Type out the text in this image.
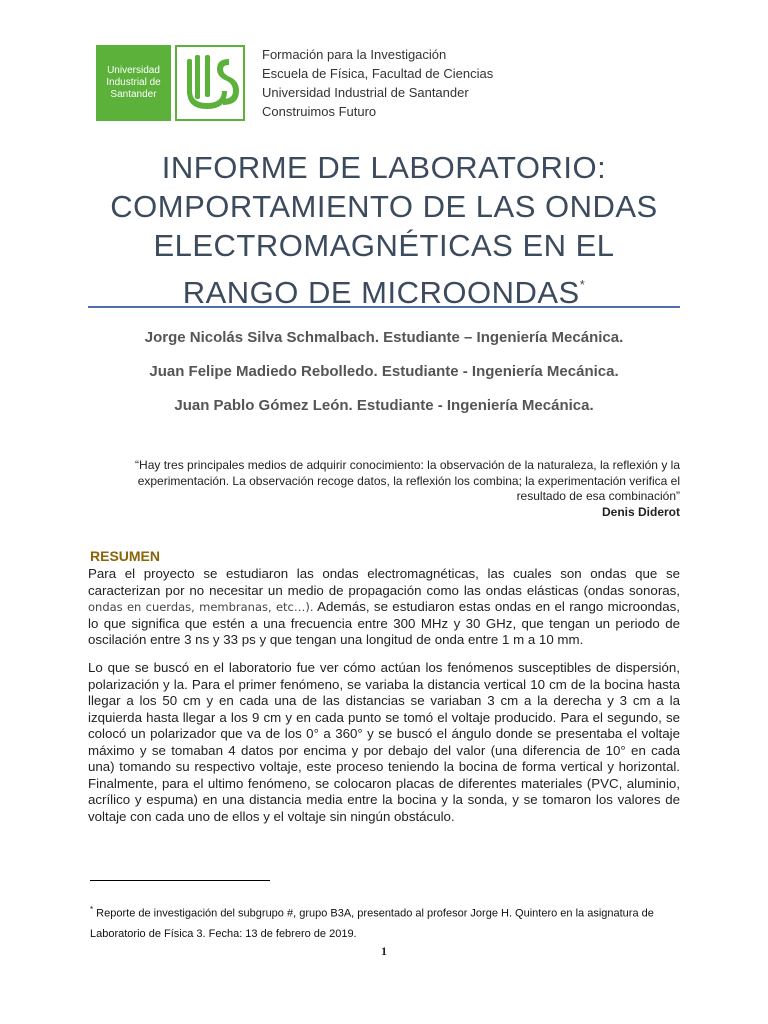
Universidad
Industrial de
Santander
Formación para la Investigación
Escuela de Física, Facultad de Ciencias
Universidad Industrial de Santander
Construimos Futuro
INFORME DE LABORATORIO:
COMPORTAMIENTO DE LAS ONDAS
ELECTROMAGNÉTICAS EN EL
RANGO DE MICROONDAS*
Jorge Nicolás Silva Schmalbach. Estudiante – Ingeniería Mecánica.
Juan Felipe Madiedo Rebolledo. Estudiante - Ingeniería Mecánica.
Juan Pablo Gómez León. Estudiante - Ingeniería Mecánica.
“Hay tres principales medios de adquirir conocimiento: la observación de la naturaleza, la reflexión y la experimentación. La observación recoge datos, la reflexión los combina; la experimentación verifica el resultado de esa combinación”
Denis Diderot
RESUMEN
Para el proyecto se estudiaron las ondas electromagnéticas, las cuales son ondas que se caracterizan por no necesitar un medio de propagación como las ondas elásticas (ondas sonoras, ondas en cuerdas, membranas, etc…). Además, se estudiaron estas ondas en el rango microondas, lo que significa que estén a una frecuencia entre 300 MHz y 30 GHz, que tengan un periodo de oscilación entre 3 ns y 33 ps y que tengan una longitud de onda entre 1 m a 10 mm.
Lo que se buscó en el laboratorio fue ver cómo actúan los fenómenos susceptibles de dispersión, polarización y la. Para el primer fenómeno, se variaba la distancia vertical 10 cm de la bocina hasta llegar a los 50 cm y en cada una de las distancias se variaban 3 cm a la derecha y 3 cm a la izquierda hasta llegar a los 9 cm y en cada punto se tomó el voltaje producido. Para el segundo, se colocó un polarizador que va de los 0° a 360° y se buscó el ángulo donde se presentaba el voltaje máximo y se tomaban 4 datos por encima y por debajo del valor (una diferencia de 10° en cada una) tomando su respectivo voltaje, este proceso teniendo la bocina de forma vertical y horizontal. Finalmente, para el ultimo fenómeno, se colocaron placas de diferentes materiales (PVC, aluminio, acrílico y espuma) en una distancia media entre la bocina y la sonda, y se tomaron los valores de voltaje con cada uno de ellos y el voltaje sin ningún obstáculo.
* Reporte de investigación del subgrupo #, grupo B3A, presentado al profesor Jorge H. Quintero en la asignatura de Laboratorio de Física 3. Fecha: 13 de febrero de 2019.
1
